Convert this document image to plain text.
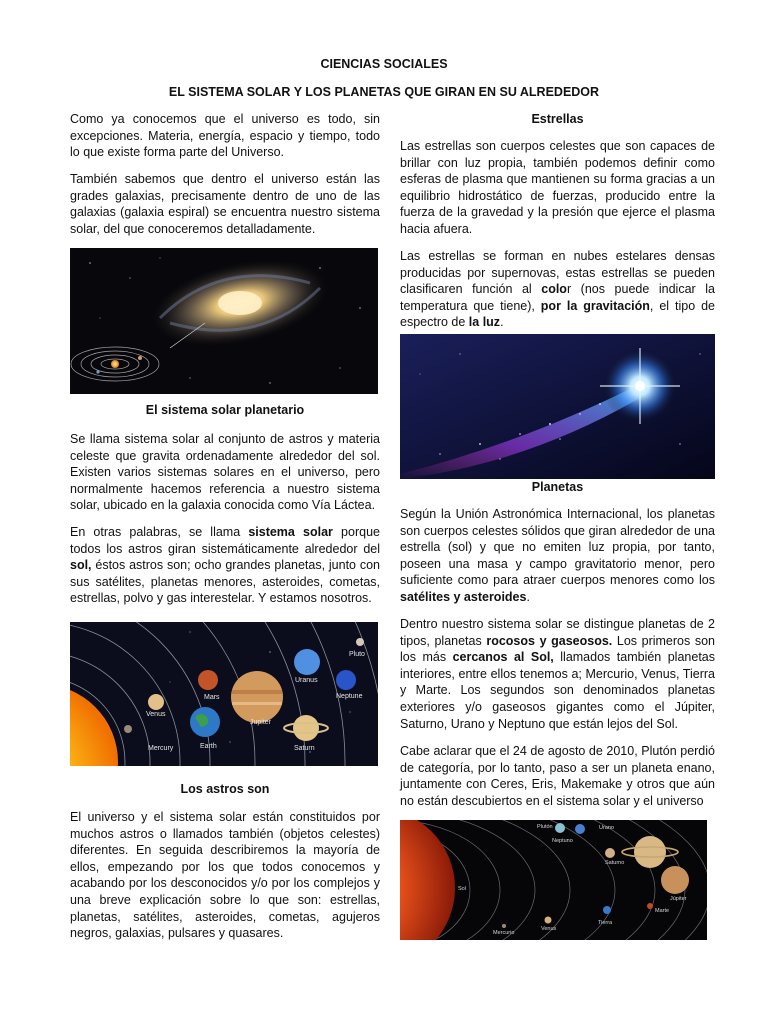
CIENCIAS SOCIALES
EL SISTEMA SOLAR Y LOS PLANETAS QUE GIRAN EN SU ALREDEDOR

Como ya conocemos que el universo es todo, sin excepciones. Materia, energía, espacio y tiempo, todo lo que existe forma parte del Universo.

También sabemos que dentro el universo están las grades galaxias, precisamente dentro de uno de las galaxias (galaxia espiral) se encuentra nuestro sistema solar, del que conoceremos detalladamente.

El sistema solar planetario

Se llama sistema solar al conjunto de astros y materia celeste que gravita ordenadamente alrededor del sol. Existen varios sistemas solares en el universo, pero normalmente hacemos referencia a nuestro sistema solar, ubicado en la galaxia conocida como Vía Láctea.

En otras palabras, se llama sistema solar porque todos los astros giran sistemáticamente alrededor del sol, éstos astros son; ocho grandes planetas, junto con sus satélites, planetas menores, asteroides, cometas, estrellas, polvo y gas interestelar. Y estamos nosotros.

Pluto
Uranus
Neptune
Mars
Venus
Jupiter
Earth	Saturn
Mercury
Los astros son

El universo y el sistema solar están constituidos por muchos astros o llamados también (objetos celestes) diferentes. En seguida describiremos la mayoría de ellos, empezando por los que todos conocemos y acabando por los desconocidos y/o por los complejos y una breve explicación sobre lo que son: estrellas, planetas, satélites, asteroides, cometas, agujeros negros, galaxias, pulsares y quasares.

Estrellas

Las estrellas son cuerpos celestes que son capaces de brillar con luz propia, también podemos definir como esferas de plasma que mantienen su forma gracias a un equilibrio hidrostático de fuerzas, producido entre la fuerza de la gravedad y la presión que ejerce el plasma hacia afuera.

Las estrellas se forman en nubes estelares densas producidas por supernovas, estas estrellas se pueden clasificaren función al color (nos puede indicar la temperatura que tiene), por la gravitación, el tipo de espectro de la luz.

Planetas

Según la Unión Astronómica Internacional, los planetas son cuerpos celestes sólidos que giran alrededor de una estrella (sol) y que no emiten luz propia, por tanto, poseen una masa y campo gravitatorio menor, pero suficiente como para atraer cuerpos menores como los satélites y asteroides.

Dentro nuestro sistema solar se distingue planetas de 2 tipos, planetas rocosos y gaseosos. Los primeros son los más cercanos al Sol, llamados también planetas interiores, entre ellos tenemos a; Mercurio, Venus, Tierra y Marte. Los segundos son denominados planetas exteriores y/o gaseosos gigantes como el Júpiter, Saturno, Urano y Neptuno que están lejos del Sol.

Cabe aclarar que el 24 de agosto de 2010, Plutón perdió de categoría, por lo tanto, paso a ser un planeta enano, juntamente con Ceres, Eris, Makemake y otros que aún no están descubiertos en el sistema solar y el universo

Plutón	Urano
Neptuno
Saturno
Júpiter
Marte
Tierra
Venus
Mercurio
Sol
